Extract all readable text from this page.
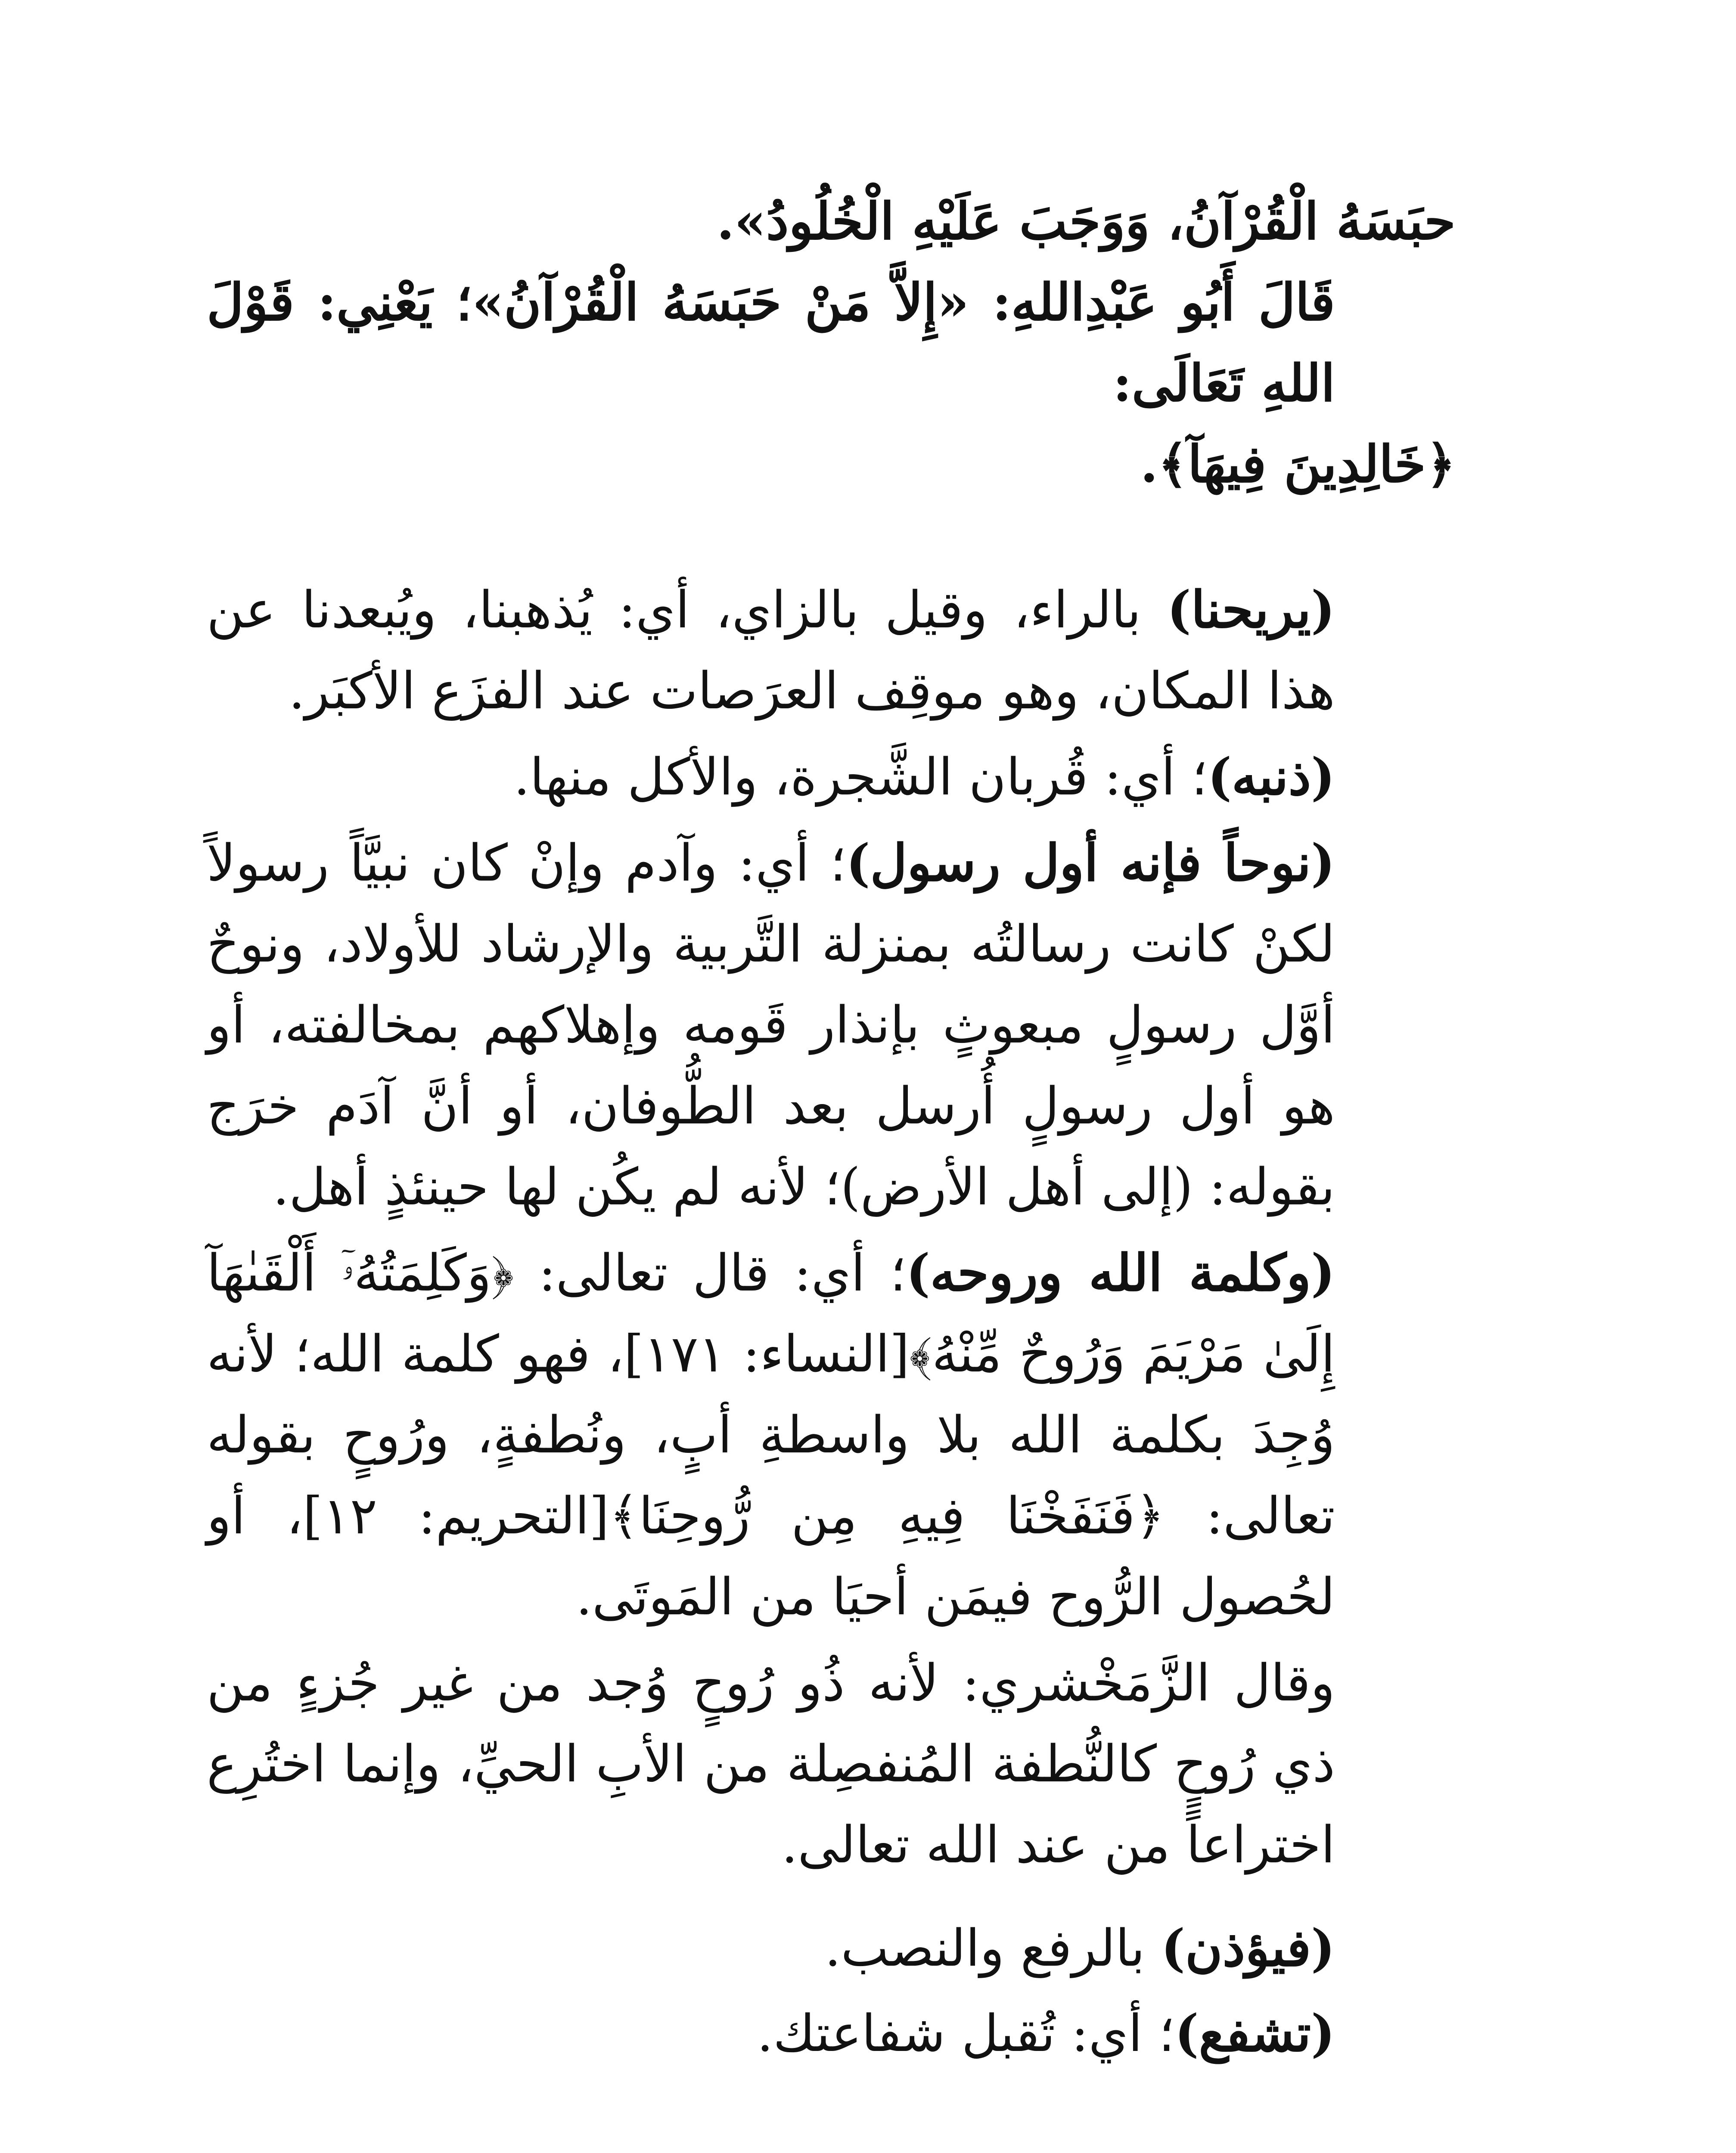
حبَسَهُ الْقُرْآنُ، وَوَجَبَ عَلَيْهِ الْخُلُودُ».
قَالَ أَبُو عَبْدِاللهِ: «إِلاَّ مَنْ حَبَسَهُ الْقُرْآنُ»؛ يَعْنِي: قَوْلَ اللهِ تَعَالَى:
﴿خَالِدِينَ فِيهَآ﴾.

(يريحنا) بالراء، وقيل بالزاي، أي: يُذهبنا، ويُبعدنا عن هذا المكان، وهو موقِف العرَصات عند الفزَع الأكبَر.

(ذنبه)؛ أي: قُربان الشَّجرة، والأكل منها.

(نوحاً فإنه أول رسول)؛ أي: وآدم وإنْ كان نبيَّاً رسولاً لكنْ كانت رسالتُه بمنزلة التَّربية والإرشاد للأولاد، ونوحٌ أوَّل رسولٍ مبعوثٍ بإنذار قَومه وإهلاكهم بمخالفته، أو هو أول رسولٍ أُرسل بعد الطُّوفان، أو أنَّ آدَم خرَج بقوله: (إلى أهل الأرض)؛ لأنه لم يكُن لها حينئذٍ أهل.

(وكلمة الله وروحه)؛ أي: قال تعالى: ﴿وَكَلِمَتُهُۥٓ أَلْقَىٰهَآ إِلَىٰ مَرْيَمَ وَرُوحٌ مِّنْهُ﴾[النساء: ١٧١]، فهو كلمة الله؛ لأنه وُجِدَ بكلمة الله بلا واسطةِ أبٍ، ونُطفةٍ، ورُوحٍ بقوله تعالى: ﴿فَنَفَخْنَا فِيهِ مِن رُّوحِنَا﴾[التحريم: ١٢]، أو لحُصول الرُّوح فيمَن أحيَا من المَوتَى.

وقال الزَّمَخْشري: لأنه ذُو رُوحٍ وُجد من غير جُزءٍ من ذي رُوحٍ كالنُّطفة المُنفصِلة من الأبِ الحيِّ، وإنما اختُرِع اختراعاً من عند الله تعالى.

(فيؤذن) بالرفع والنصب.

(تشفع)؛ أي: تُقبل شفاعتك.
